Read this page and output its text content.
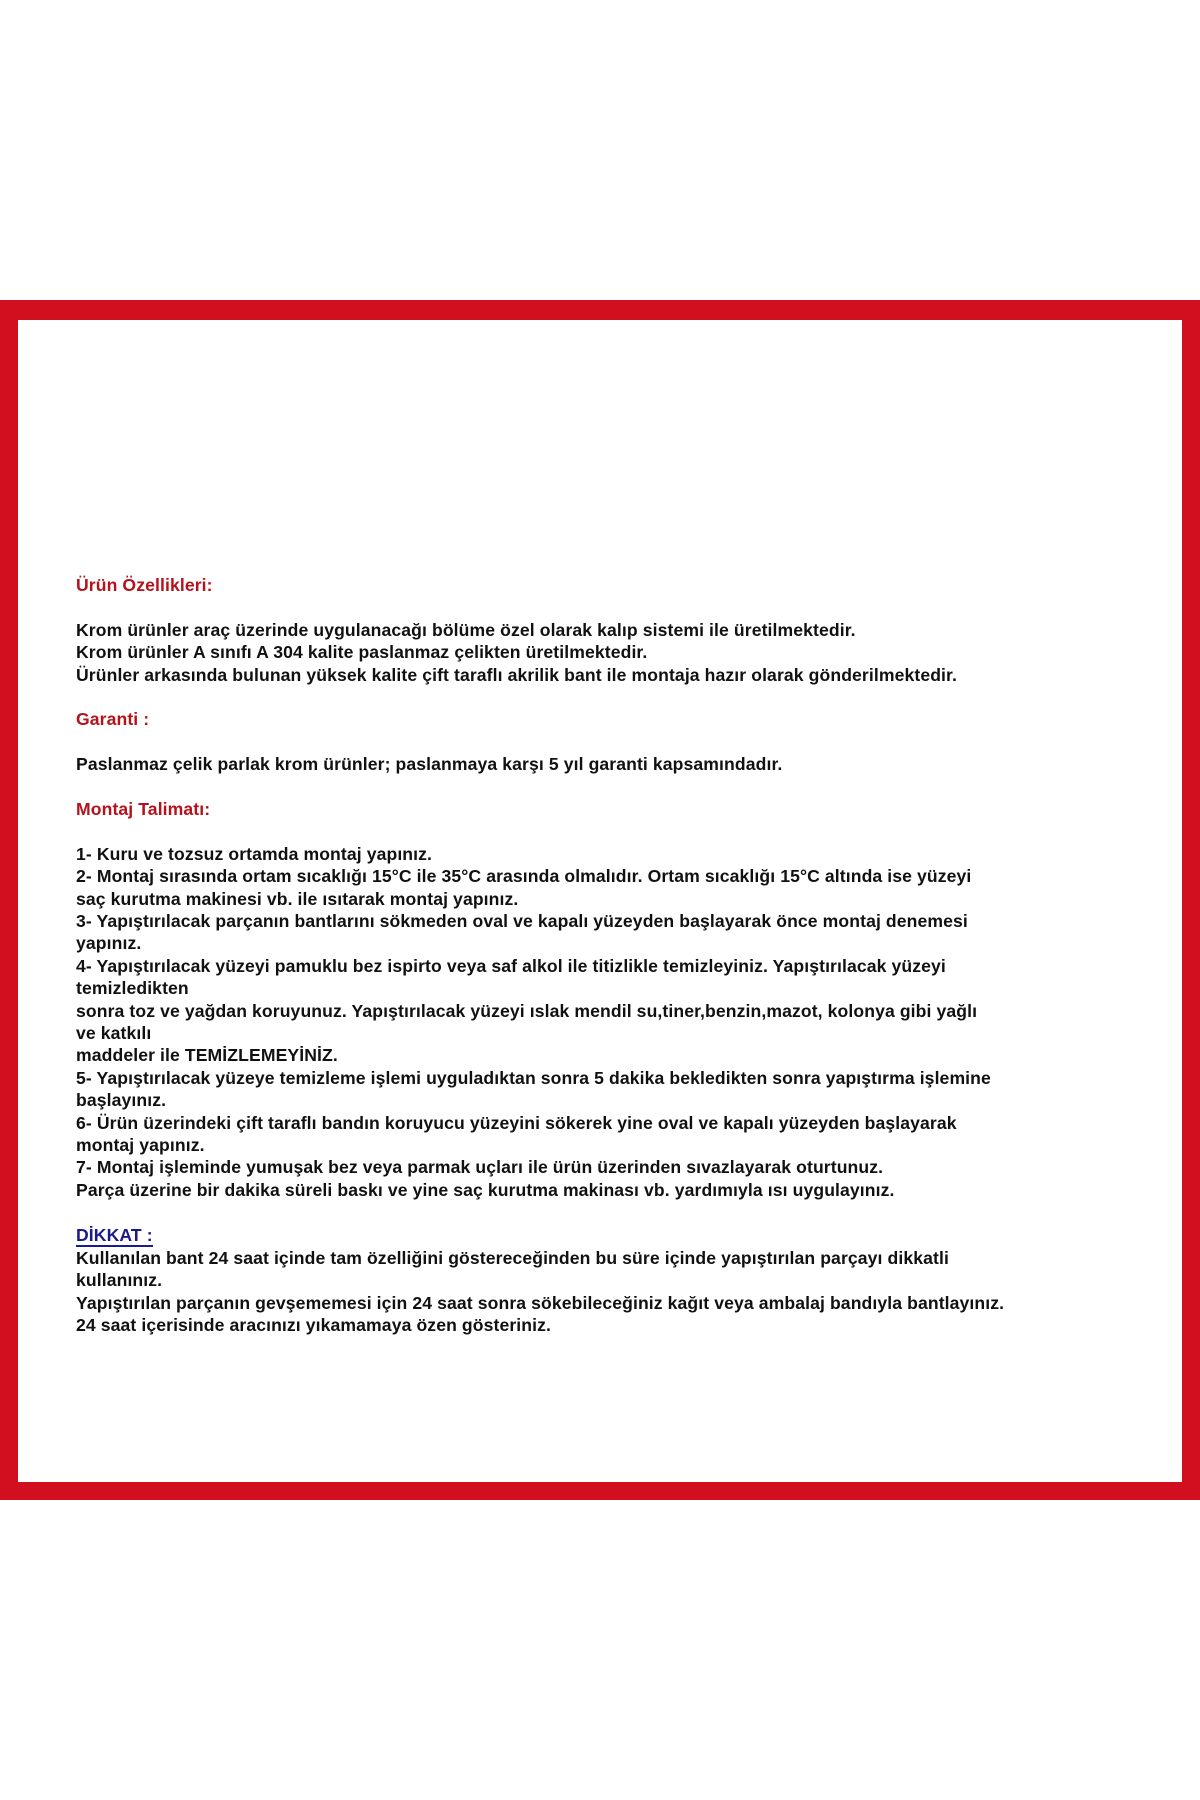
Ürün Özellikleri:
Krom ürünler araç üzerinde uygulanacağı bölüme özel olarak kalıp sistemi ile üretilmektedir.
Krom ürünler A sınıfı A 304 kalite paslanmaz çelikten üretilmektedir.
Ürünler arkasında bulunan yüksek kalite çift taraflı akrilik bant ile montaja hazır olarak gönderilmektedir.
Garanti :
Paslanmaz çelik parlak krom ürünler; paslanmaya karşı 5 yıl garanti kapsamındadır.
Montaj Talimatı:
1- Kuru ve tozsuz ortamda montaj yapınız.
2- Montaj sırasında ortam sıcaklığı 15°C ile 35°C arasında olmalıdır. Ortam sıcaklığı 15°C altında ise yüzeyi
saç kurutma makinesi vb. ile ısıtarak montaj yapınız.
3- Yapıştırılacak parçanın bantlarını sökmeden oval ve kapalı yüzeyden başlayarak önce montaj denemesi
yapınız.
4- Yapıştırılacak yüzeyi pamuklu bez ispirto veya saf alkol ile titizlikle temizleyiniz. Yapıştırılacak yüzeyi
temizledikten
sonra toz ve yağdan koruyunuz. Yapıştırılacak yüzeyi ıslak mendil su,tiner,benzin,mazot, kolonya gibi yağlı
ve katkılı
maddeler ile TEMİZLEMEYİNİZ.
5- Yapıştırılacak yüzeye temizleme işlemi uyguladıktan sonra 5 dakika bekledikten sonra yapıştırma işlemine
başlayınız.
6- Ürün üzerindeki çift taraflı bandın koruyucu yüzeyini sökerek yine oval ve kapalı yüzeyden başlayarak
montaj yapınız.
7- Montaj işleminde yumuşak bez veya parmak uçları ile ürün üzerinden sıvazlayarak oturtunuz.
Parça üzerine bir dakika süreli baskı ve yine saç kurutma makinası vb. yardımıyla ısı uygulayınız.
DİKKAT :
Kullanılan bant 24 saat içinde tam özelliğini göstereceğinden bu süre içinde yapıştırılan parçayı dikkatli
kullanınız.
Yapıştırılan parçanın gevşememesi için 24 saat sonra sökebileceğiniz kağıt veya ambalaj bandıyla bantlayınız.
24 saat içerisinde aracınızı yıkamamaya özen gösteriniz.
